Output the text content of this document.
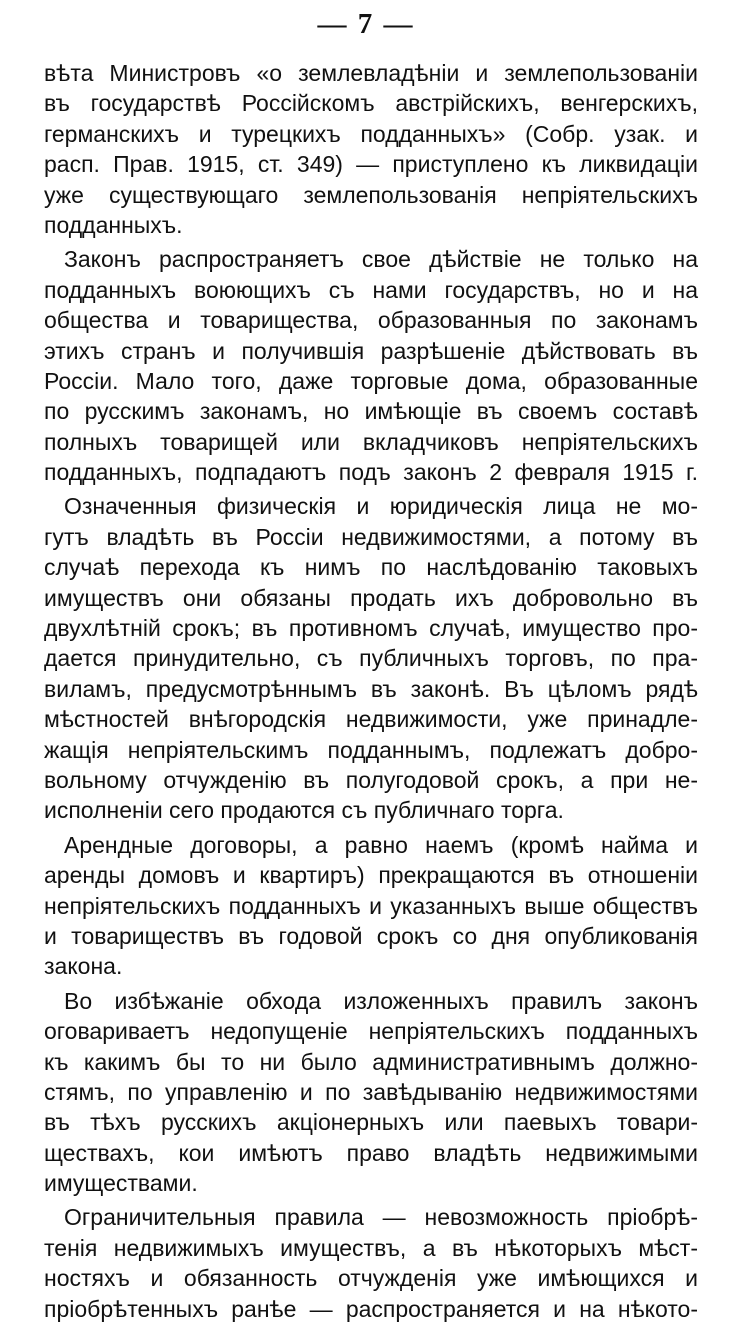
— 7 —
вѣта Министровъ «о землевладѣніи и землепользованіи
въ государствѣ Россійскомъ австрійскихъ, венгерскихъ,
германскихъ и турецкихъ подданныхъ» (Собр. узак. и
расп. Прав. 1915, ст. 349) — приступлено къ ликвидаціи
уже существующаго землепользованія непріятельскихъ
подданныхъ.
Законъ распространяетъ свое дѣйствіе не только на
подданныхъ воюющихъ съ нами государствъ, но и на
общества и товарищества, образованныя по законамъ
этихъ странъ и получившія разрѣшеніе дѣйствовать въ
Россіи. Мало того, даже торговые дома, образованные
по русскимъ законамъ, но имѣющіе въ своемъ составѣ
полныхъ товарищей или вкладчиковъ непріятельскихъ
подданныхъ, подпадаютъ подъ законъ 2 февраля 1915 г.
Означенныя физическія и юридическія лица не мо-
гутъ владѣть въ Россіи недвижимостями, а потому въ
случаѣ перехода къ нимъ по наслѣдованію таковыхъ
имуществъ они обязаны продать ихъ добровольно въ
двухлѣтній срокъ; въ противномъ случаѣ, имущество про-
дается принудительно, съ публичныхъ торговъ, по пра-
виламъ, предусмотрѣннымъ въ законѣ. Въ цѣломъ рядѣ
мѣстностей внѣгородскія недвижимости, уже принадле-
жащія непріятельскимъ подданнымъ, подлежатъ добро-
вольному отчужденію въ полугодовой срокъ, а при не-
исполненіи сего продаются съ публичнаго торга.
Арендные договоры, а равно наемъ (кромѣ найма и
аренды домовъ и квартиръ) прекращаются въ отношеніи
непріятельскихъ подданныхъ и указанныхъ выше обществъ
и товариществъ въ годовой срокъ со дня опубликованія
закона.
Во избѣжаніе обхода изложенныхъ правилъ законъ
оговариваетъ недопущеніе непріятельскихъ подданныхъ
къ какимъ бы то ни было административнымъ должно-
стямъ, по управленію и по завѣдыванію недвижимостями
въ тѣхъ русскихъ акціонерныхъ или паевыхъ товари-
ществахъ, кои имѣютъ право владѣть недвижимыми
имуществами.
Ограничительныя правила — невозможность пріобрѣ-
тенія недвижимыхъ имуществъ, а въ нѣкоторыхъ мѣст-
ностяхъ и обязанность отчужденія уже имѣющихся и
пріобрѣтенныхъ ранѣе — распространяется и на нѣкото-
